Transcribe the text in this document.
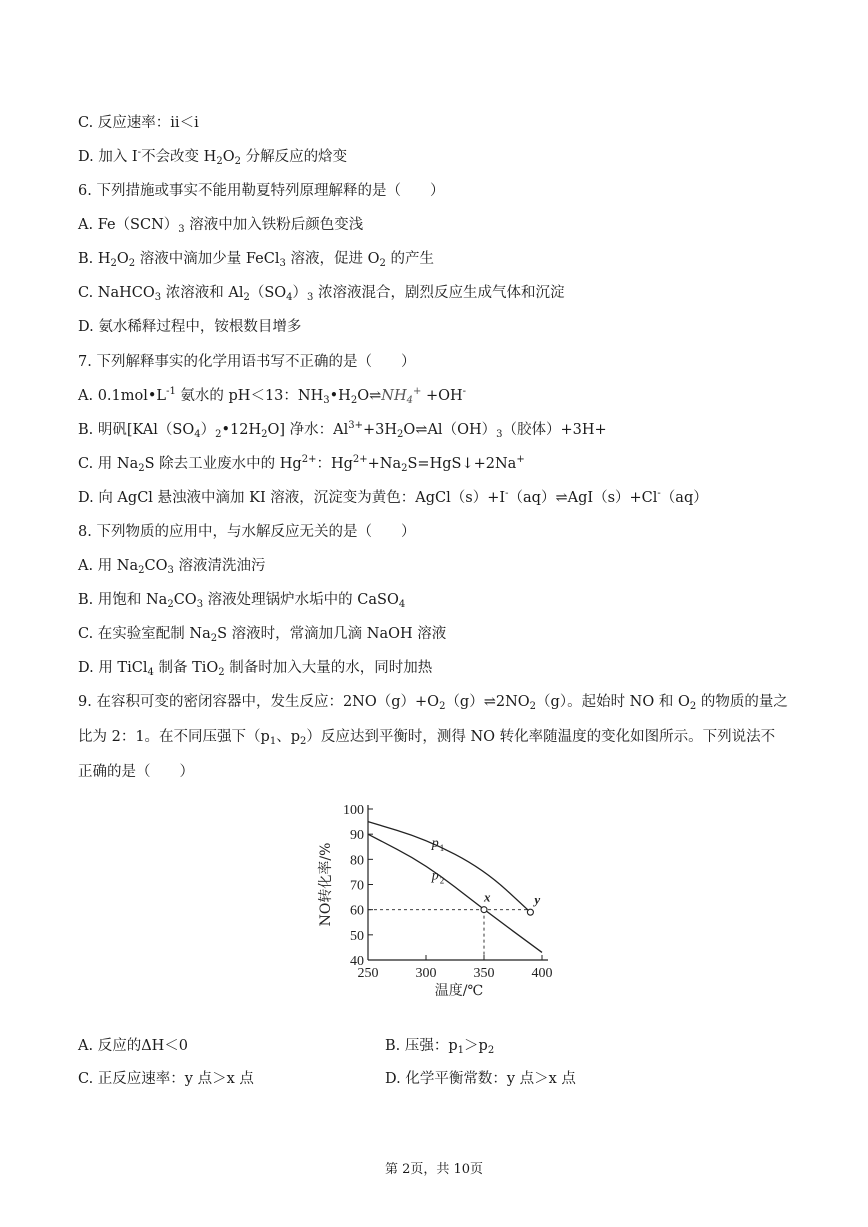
C. 反应速率：ii＜i
D. 加入 I-不会改变 $H_2O_2$ 分解反应的焓变
6. 下列措施或事实不能用勒夏特列原理解释的是（　　）
A. $Fe(SCN)_3$ 溶液中加入铁粉后颜色变浅
B. $H_2O_2$ 溶液中滴加少量 FeCl$_3$ 溶液，促进 $O_2$ 的产生
C. NaHCO$_3$ 浓溶液和 $Al_2(SO_4)_3$ 浓溶液混合，剧烈反应生成气体和沉淀
D. 氨水稀释过程中，铵根数目增多
7. 下列解释事实的化学用语书写不正确的是（　　）
A. $0.1mol•L^{-1}$ 氨水的 pH＜13：$NH_3•H_2O\rightleftharpoons NH_4^+ +OH^-$
B. 明矾$[KAl(SO_4)_2•12H_2O]$ 净水：$Al^{3+}+3H_2O\rightleftharpoons Al(OH)_3$（胶体）+3H+
C. 用 $Na_2S$ 除去工业废水中的 $Hg^{2+}$：$Hg^{2+}+Na_2S=HgS↓+2Na^+$
D. 向 AgCl 悬浊液中滴加 KI 溶液，沉淀变为黄色：AgCl（s）+I-（aq）⇌AgI（s）+Cl-（aq）
8. 下列物质的应用中，与水解反应无关的是（　　）
A. 用 $Na_2CO_3$ 溶液清洗油污
B. 用饱和 $Na_2CO_3$ 溶液处理锅炉水垢中的 CaSO$_4$
C. 在实验室配制 $Na_2S$ 溶液时，常滴加几滴 NaOH 溶液
D. 用 TiCl$_4$ 制备 TiO$_2$ 制备时加入大量的水，同时加热
9. 在容积可变的密闭容器中，发生反应：$2NO(g)+O_2(g)\rightleftharpoons 2NO_2(g)$。起始时 NO 和 $O_2$ 的物质的量之
比为 2：1。在不同压强下（$p_1$、$p_2$）反应达到平衡时，测得 NO 转化率随温度的变化如图所示。下列说法不
正确的是（　　）
40
50
60
70
80
90
100
250	300	350	400
温度/℃
NO转化率/%	p 1
p 2
x	y
A. 反应的ΔH＜0	B. 压强：$p_1>p_2$
C. 正反应速率：y 点＞x 点	D. 化学平衡常数：y 点＞x 点
第 2页，共 10页
